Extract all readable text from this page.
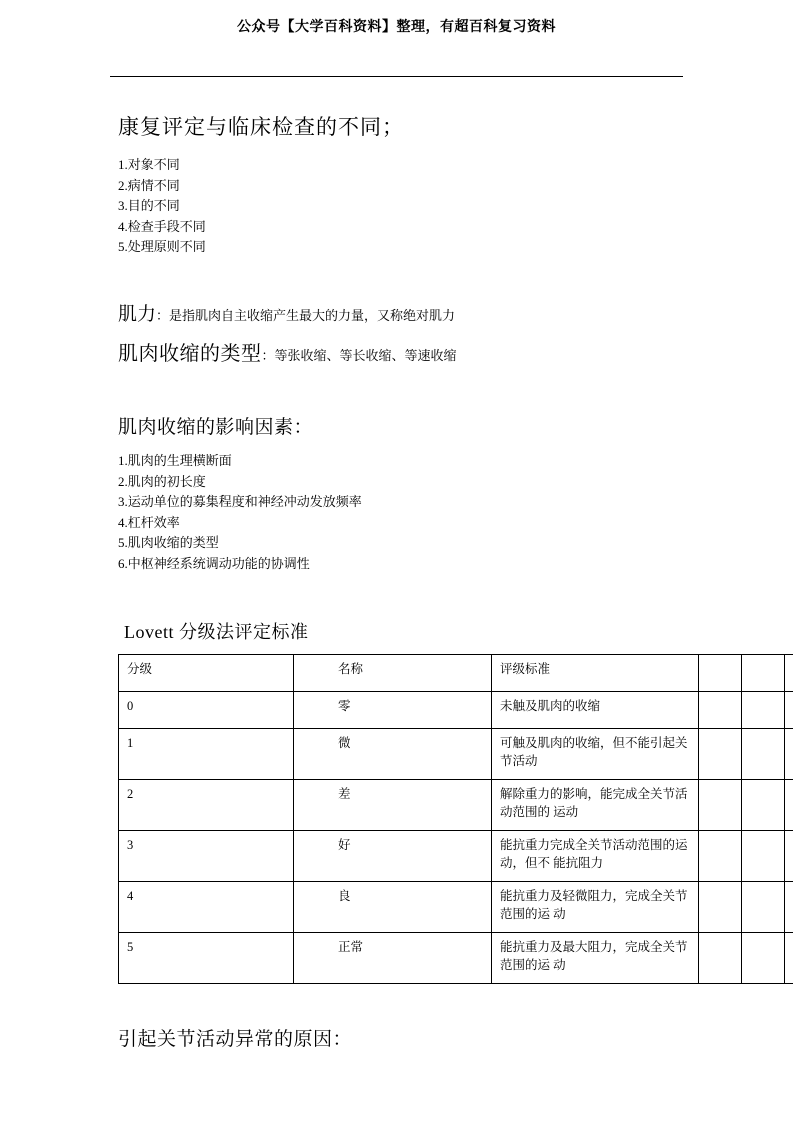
公众号【大学百科资料】整理，有超百科复习资料
康复评定与临床检查的不同；
1.对象不同
2.病情不同
3.目的不同
4.检查手段不同
5.处理原则不同

肌力：是指肌肉自主收缩产生最大的力量，又称绝对肌力

肌肉收缩的类型：等张收缩、等长收缩、等速收缩

肌肉收缩的影响因素：
1.肌肉的生理横断面
2.肌肉的初长度
3.运动单位的募集程度和神经冲动发放频率
4.杠杆效率
5.肌肉收缩的类型
6.中枢神经系统调动功能的协调性
Lovett 分级法评定标准
分级	名称	评级标准			
0	零	未触及肌肉的收缩			
1	微	可触及肌肉的收缩，但不能引起关节活动			
2	差	解除重力的影响，能完成全关节活动范围的 运动			
3	好	能抗重力完成全关节活动范围的运动，但不 能抗阻力			
4	良	能抗重力及轻微阻力，完成全关节范围的运 动			
5	正常	能抗重力及最大阻力，完成全关节范围的运 动			
引起关节活动异常的原因：
